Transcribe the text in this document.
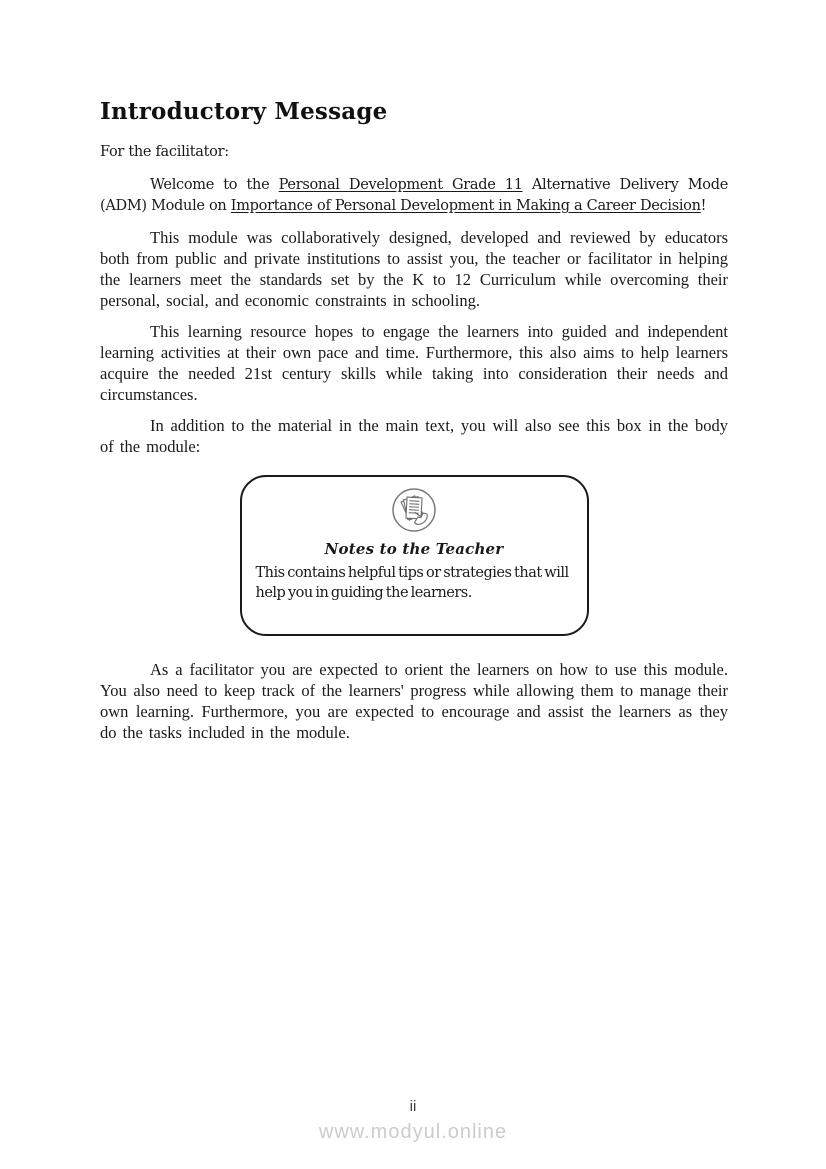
Introductory Message

For the facilitator:

Welcome to the Personal Development Grade 11 Alternative Delivery Mode (ADM) Module on Importance of Personal Development in Making a Career Decision!

This module was collaboratively designed, developed and reviewed by educators both from public and private institutions to assist you, the teacher or facilitator in helping the learners meet the standards set by the K to 12 Curriculum while overcoming their personal, social, and economic constraints in schooling.

This learning resource hopes to engage the learners into guided and independent learning activities at their own pace and time. Furthermore, this also aims to help learners acquire the needed 21st century skills while taking into consideration their needs and circumstances.

In addition to the material in the main text, you will also see this box in the body of the module:

Notes to the Teacher
This contains helpful tips or strategies that will help you in guiding the learners.

As a facilitator you are expected to orient the learners on how to use this module. You also need to keep track of the learners' progress while allowing them to manage their own learning. Furthermore, you are expected to encourage and assist the learners as they do the tasks included in the module.

ii
www.modyul.online
